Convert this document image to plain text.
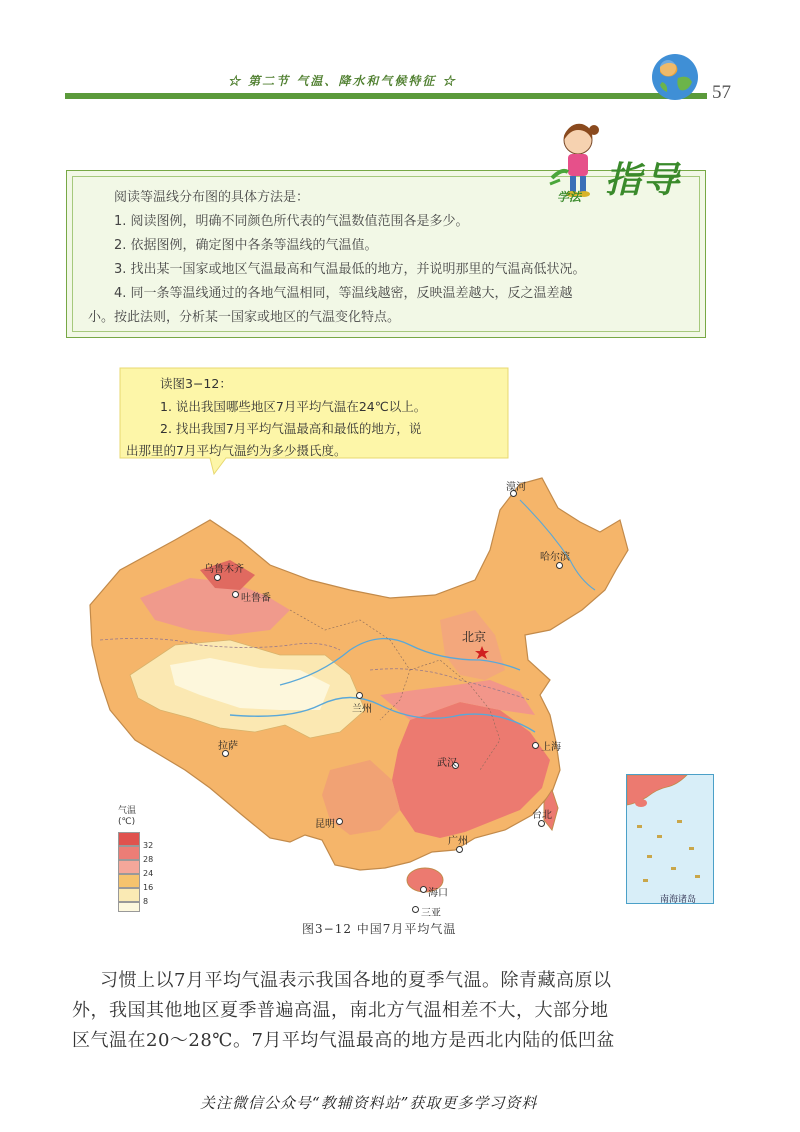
☆ 第二节 气温、降水和气候特征 ☆
57
指导
学法
阅读等温线分布图的具体方法是：
1. 阅读图例，明确不同颜色所代表的气温数值范围各是多少。
2. 依据图例，确定图中各条等温线的气温值。
3. 找出某一国家或地区气温最高和气温最低的地方，并说明那里的气温高低状况。
4. 同一条等温线通过的各地气温相同，等温线越密，反映温差越大，反之温差越
小。按此法则，分析某一国家或地区的气温变化特点。
读图3−12：
1. 说出我国哪些地区7月平均气温在24℃以上。
2. 找出我国7月平均气温最高和最低的地方，说
出那里的7月平均气温约为多少摄氏度。
漠河
哈尔滨
乌鲁木齐
吐鲁番
北京
兰州
拉萨	上海
武汉
台北
昆明
广州
海口
三亚
气温
(℃)
32
28
24
16
8	南海诸岛
图3−12 中国7月平均气温
习惯上以7月平均气温表示我国各地的夏季气温。除青藏高原以
外，我国其他地区夏季普遍高温，南北方气温相差不大，大部分地
区气温在20～28℃。7月平均气温最高的地方是西北内陆的低凹盆
关注微信公众号“教辅资料站”获取更多学习资料
